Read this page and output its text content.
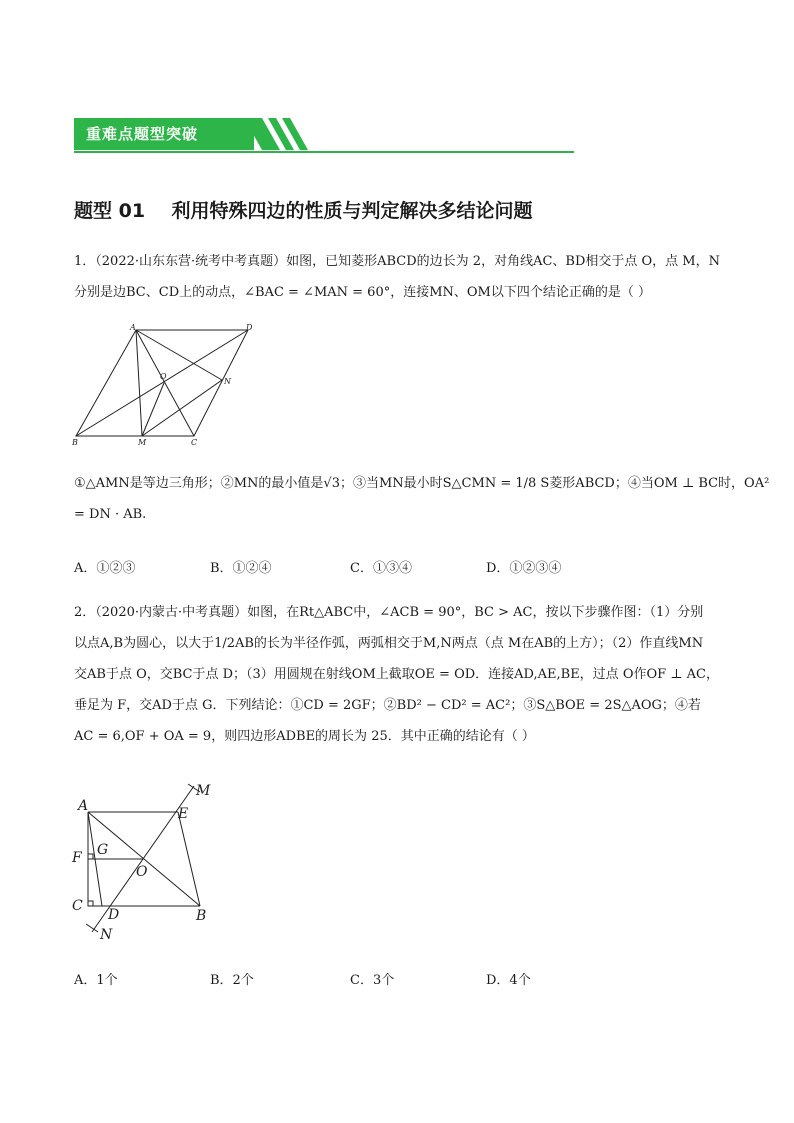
重难点题型突破
题型 01    利用特殊四边的性质与判定解决多结论问题
1．（2022·山东东营·统考中考真题）如图，已知菱形ABCD的边长为 2，对角线AC、BD相交于点 O，点 M，N
分别是边BC、CD上的动点，∠BAC = ∠MAN = 60°，连接MN、OM以下四个结论正确的是（ ）
A	D
O
N
B	M	C
①△AMN是等边三角形；②MN的最小值是√3；③当MN最小时S△CMN = 1/8 S菱形ABCD；④当OM ⊥ BC时，OA²
= DN · AB.
A．①②③	B．①②④	C．①③④	D．①②③④
2．（2020·内蒙古·中考真题）如图，在Rt△ABC中，∠ACB = 90°，BC > AC，按以下步骤作图：（1）分别
以点A,B为圆心，以大于1/2AB的长为半径作弧，两弧相交于M,N两点（点 M在AB的上方）；（2）作直线MN
交AB于点 O，交BC于点 D；（3）用圆规在射线OM上截取OE = OD．连接AD,AE,BE，过点 O作OF ⊥ AC，
垂足为 F，交AD于点 G．下列结论：①CD = 2GF；②BD² − CD² = AC²；③S△BOE = 2S△AOG；④若
AC = 6,OF + OA = 9，则四边形ADBE的周长为 25．其中正确的结论有（ ）
A
M
E
F G
O
C
D	B
N
A．1个	B．2个	C．3个	D．4个
